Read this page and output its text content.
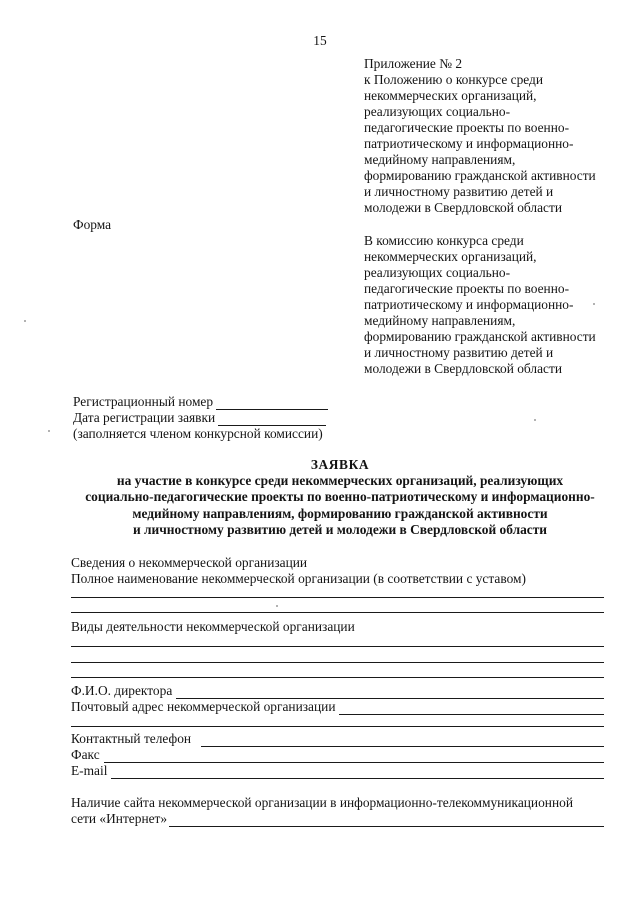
15
Приложение № 2
к Положению о конкурсе среди
некоммерческих организаций,
реализующих социально-
педагогические проекты по военно-
патриотическому и информационно-
медийному направлениям,
формированию гражданской активности
и личностному развитию детей и
молодежи в Свердловской области
Форма
В комиссию конкурса среди
некоммерческих организаций,
реализующих социально-
педагогические проекты по военно-
патриотическому и информационно-
медийному направлениям,
формированию гражданской активности
и личностному развитию детей и
молодежи в Свердловской области
Регистрационный номер
Дата регистрации заявки
(заполняется членом конкурсной комиссии)
ЗАЯВКА
на участие в конкурсе среди некоммерческих организаций, реализующих
социально-педагогические проекты по военно-патриотическому и информационно-
медийному направлениям, формированию гражданской активности
и личностному развитию детей и молодежи в Свердловской области
Сведения о некоммерческой организации
Полное наименование некоммерческой организации (в соответствии с уставом)
Виды деятельности некоммерческой организации
Ф.И.О. директора
Почтовый адрес некоммерческой организации
Контактный телефон
Факс
E-mail
Наличие сайта некоммерческой организации в информационно-телекоммуникационной
сети «Интернет»
